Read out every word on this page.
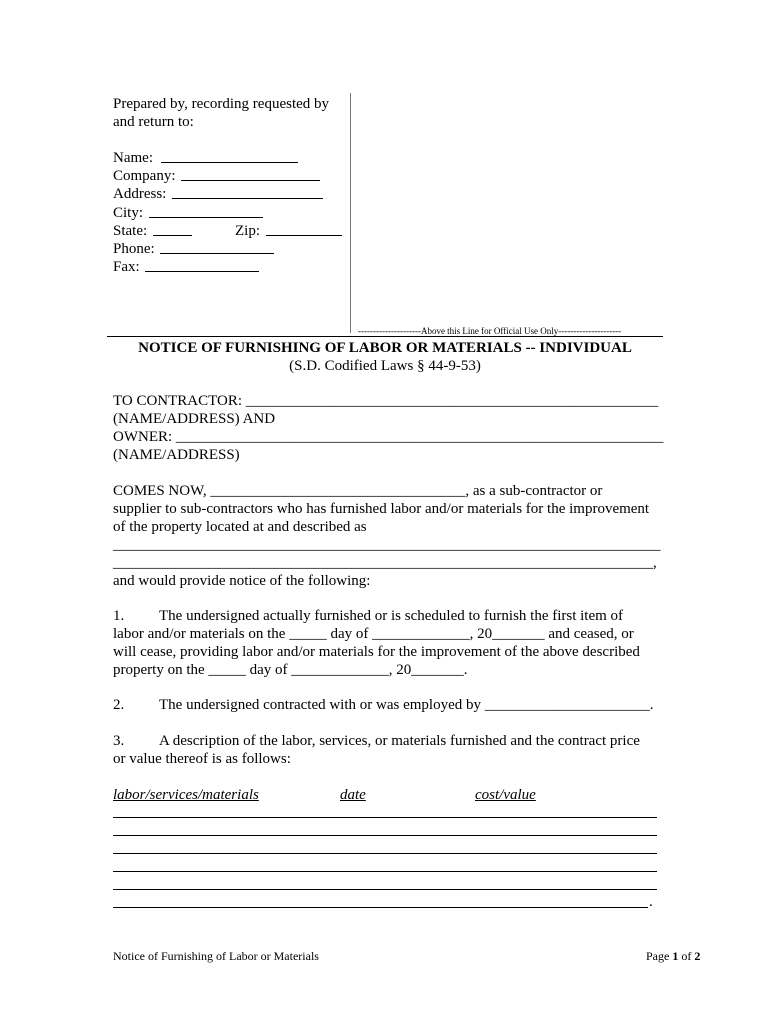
Prepared by, recording requested by
and return to:
Name:
Company:
Address:
City:
State:	Zip:
Phone:
Fax:
---------------------Above this Line for Official Use Only---------------------
NOTICE OF FURNISHING OF LABOR OR MATERIALS -- INDIVIDUAL
(S.D. Codified Laws § 44-9-53)
TO CONTRACTOR: _______________________________________________________
(NAME/ADDRESS) AND
OWNER: _________________________________________________________________
(NAME/ADDRESS)
COMES NOW, __________________________________, as a sub-contractor or
supplier to sub-contractors who has furnished labor and/or materials for the improvement
of the property located at and described as
_________________________________________________________________________
________________________________________________________________________,
and would provide notice of the following:
1. The undersigned actually furnished or is scheduled to furnish the first item of
labor and/or materials on the _____ day of _____________, 20_______ and ceased, or
will cease, providing labor and/or materials for the improvement of the above described
property on the _____ day of _____________, 20_______.
2. The undersigned contracted with or was employed by ______________________.
3. A description of the labor, services, or materials furnished and the contract price
or value thereof is as follows:
labor/services/materials	date	cost/value
.
Notice of Furnishing of Labor or Materials	Page 1 of 2
